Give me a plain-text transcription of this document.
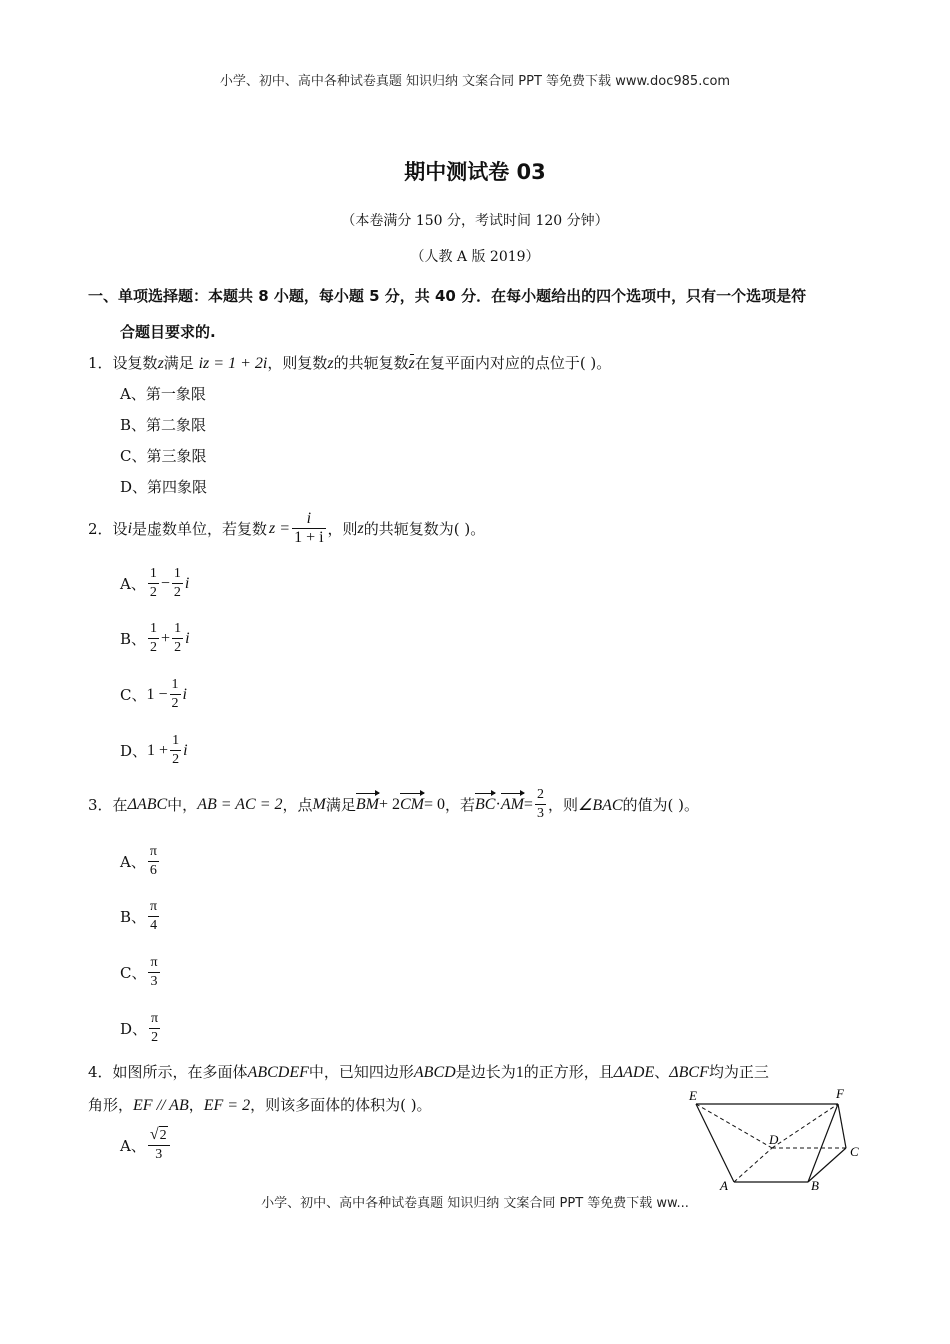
小学、初中、高中各种试卷真题 知识归纳 文案合同 PPT 等免费下载 www.doc985.com
期中测试卷 03
（本卷满分 150 分，考试时间 120 分钟）
（人教 A 版 2019）
一、单项选择题：本题共 8 小题，每小题 5 分，共 40 分．在每小题给出的四个选项中，只有一个选项是符
合题目要求的.
1．设复数z满足 iz = 1 + 2i，则复数z的共轭复数z在复平面内对应的点位于( )。
A、第一象限
B、第二象限
C、第三象限
D、第四象限
2． 设 i 是虚数单位，若复数 $z = \frac{i}{1 + i}$ ，则 z 的共轭复数为( )。
A、 $\frac{1}{2} - \frac{1}{2}$ i
B、 $\frac{1}{2} + \frac{1}{2}$ i
C、 $1 - \frac{1}{2}$ i
D、 $1 + \frac{1}{2}$ i
3． 在 ΔABC 中， AB = AC = 2 ，点 M 满足 BM + 2 CM = 0 ，若 BC · AM = $\frac{2}{3}$ ，则 ∠BAC 的值为( )。
A、 $\frac{\pi}{6}$
B、 $\frac{\pi}{4}$
C、 $\frac{\pi}{3}$
D、 $\frac{\pi}{2}$
4．如图所示，在多面体ABCDEF中，已知四边形ABCD是边长为1的正方形，且ΔADE、ΔBCF均为正三
角形，EF // AB，EF = 2，则该多面体的体积为( )。
A、 $\frac{√ 2}{3}$
E	F
D
C
A	B
小学、初中、高中各种试卷真题 知识归纳 文案合同 PPT 等免费下载 ww...
